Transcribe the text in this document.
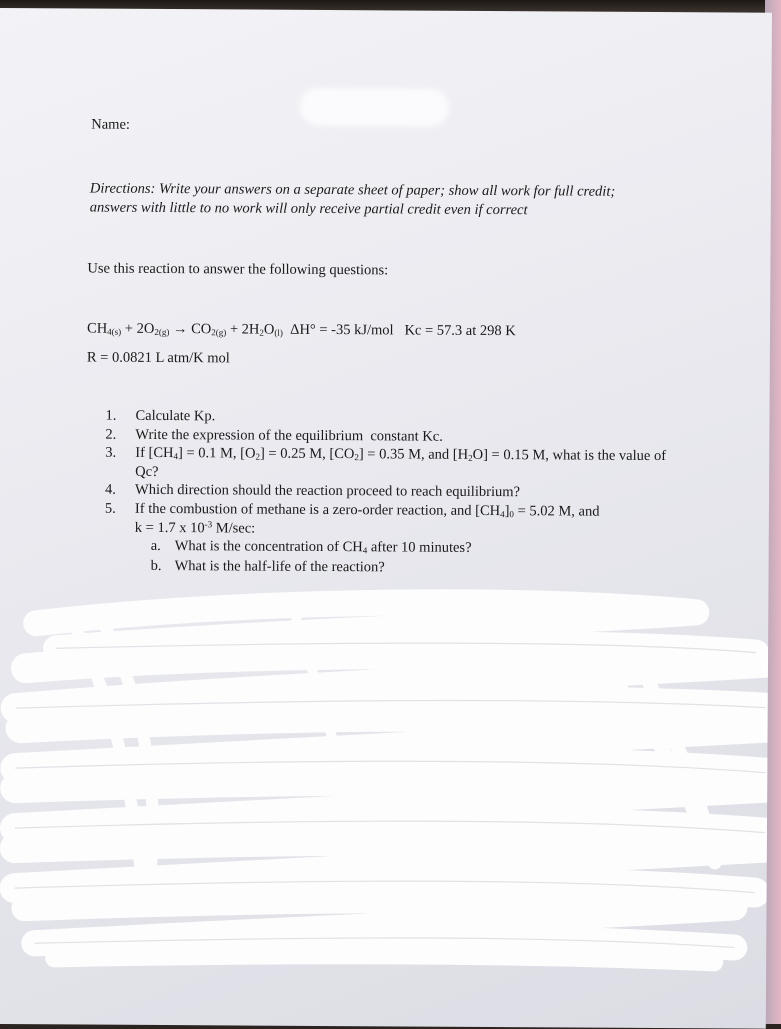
Name:
Directions: Write your answers on a separate sheet of paper; show all work for full credit;
answers with little to no work will only receive partial credit even if correct
Use this reaction to answer the following questions:
$CH_{4(s)} + 2O_{2(g)} \to CO_{2(g)} + 2H_2O_{(l)}$  ΔH° = -35 kJ/mol   Kc = 57.3 at 298 K
R = 0.0821 L atm/K mol
1. Calculate Kp.
2. Write the expression of the equilibrium  constant Kc.
3. If $[CH_4] = 0.1$ M, $[O_2] = 0.25$ M, $[CO_2] = 0.35$ M, and $[H_2O] = 0.15$ M, what is the value of Qc?
4. Which direction should the reaction proceed to reach equilibrium?
5. If the combustion of methane is a zero-order reaction, and $[CH_4]_0 = 5.02$ M, and
k = 1.7 x $10^{-3}$ M/sec:
a. What is the concentration of $CH_4$ after 10 minutes?
b. What is the half-life of the reaction?
